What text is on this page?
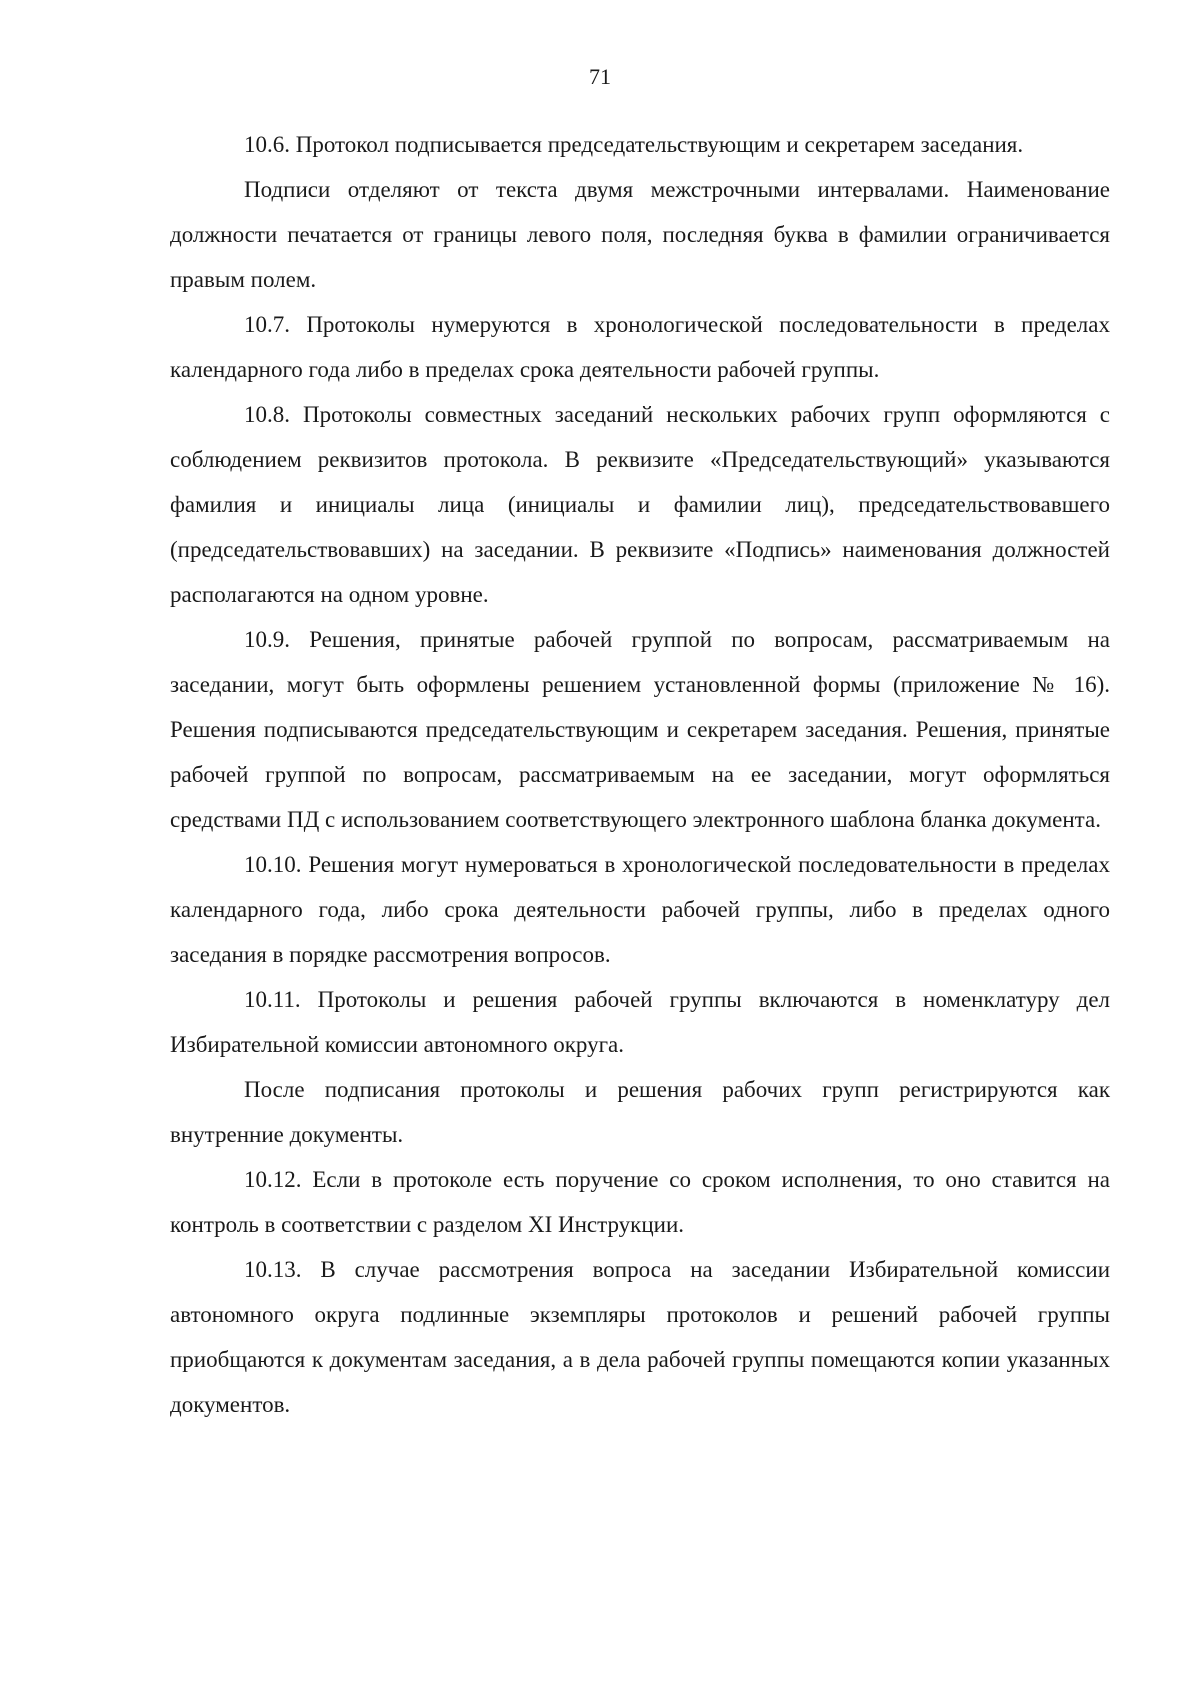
71

10.6. Протокол подписывается председательствующим и секретарем заседания.

Подписи отделяют от текста двумя межстрочными интервалами. Наименование должности печатается от границы левого поля, последняя буква в фамилии ограничивается правым полем.

10.7. Протоколы нумеруются в хронологической последовательности в пределах календарного года либо в пределах срока деятельности рабочей группы.

10.8. Протоколы совместных заседаний нескольких рабочих групп оформляются с соблюдением реквизитов протокола. В реквизите «Председательствующий» указываются фамилия и инициалы лица (инициалы и фамилии лиц), председательствовавшего (председательствовавших) на заседании. В реквизите «Подпись» наименования должностей располагаются на одном уровне.

10.9. Решения, принятые рабочей группой по вопросам, рассматриваемым на заседании, могут быть оформлены решением установленной формы (приложение № 16). Решения подписываются председательствующим и секретарем заседания. Решения, принятые рабочей группой по вопросам, рассматриваемым на ее заседании, могут оформляться средствами ПД с использованием соответствующего электронного шаблона бланка документа.

10.10. Решения могут нумероваться в хронологической последовательности в пределах календарного года, либо срока деятельности рабочей группы, либо в пределах одного заседания в порядке рассмотрения вопросов.

10.11. Протоколы и решения рабочей группы включаются в номенклатуру дел Избирательной комиссии автономного округа.

После подписания протоколы и решения рабочих групп регистрируются как внутренние документы.

10.12. Если в протоколе есть поручение со сроком исполнения, то оно ставится на контроль в соответствии с разделом XI Инструкции.

10.13. В случае рассмотрения вопроса на заседании Избирательной комиссии автономного округа подлинные экземпляры протоколов и решений рабочей группы приобщаются к документам заседания, а в дела рабочей группы помещаются копии указанных документов.
